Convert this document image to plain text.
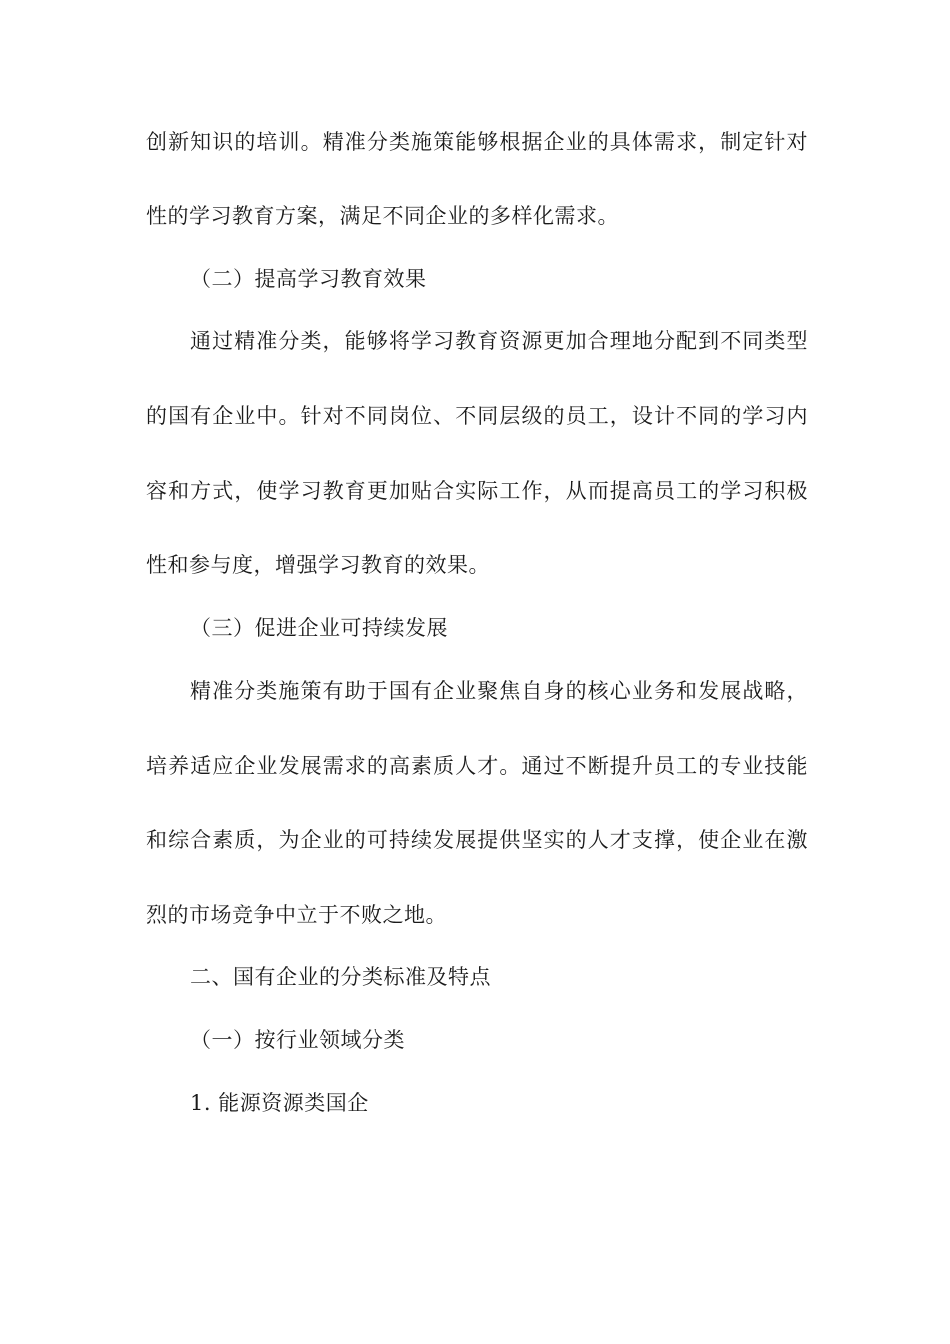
创新知识的培训。精准分类施策能够根据企业的具体需求，制定针对
性的学习教育方案，满足不同企业的多样化需求。
（二）提高学习教育效果
通过精准分类，能够将学习教育资源更加合理地分配到不同类型
的国有企业中。针对不同岗位、不同层级的员工，设计不同的学习内
容和方式，使学习教育更加贴合实际工作，从而提高员工的学习积极
性和参与度，增强学习教育的效果。
（三）促进企业可持续发展
精准分类施策有助于国有企业聚焦自身的核心业务和发展战略，
培养适应企业发展需求的高素质人才。通过不断提升员工的专业技能
和综合素质，为企业的可持续发展提供坚实的人才支撑，使企业在激
烈的市场竞争中立于不败之地。
二、国有企业的分类标准及特点
（一）按行业领域分类
1. 能源资源类国企
